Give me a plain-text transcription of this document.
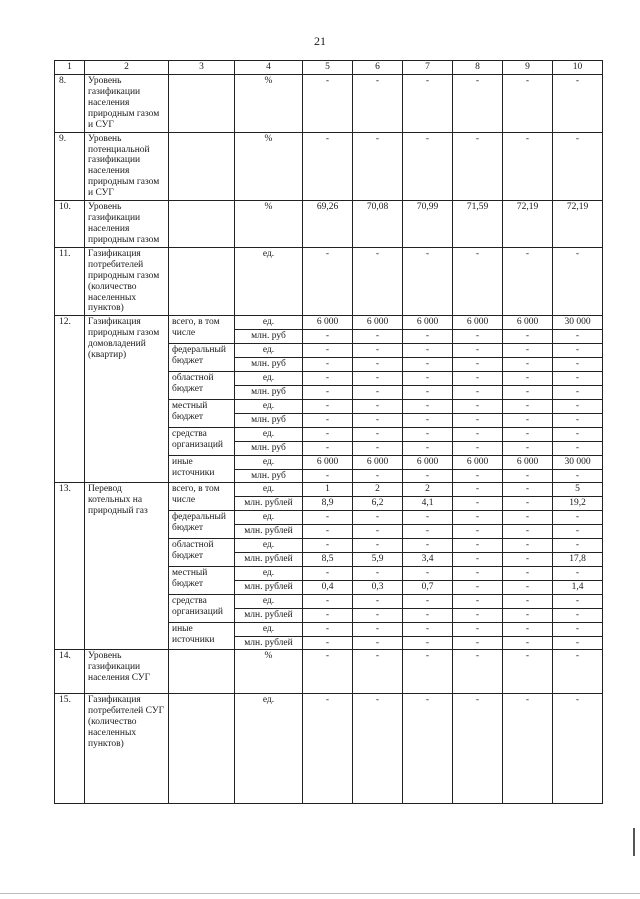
21
1	2	3	4	5	6	7	8	9	10
8.	Уровень газификации населения природным газом и СУГ		%	-	-	-	-	-	-
9.	Уровень потенциальной газификации населения природным газом и СУГ		%	-	-	-	-	-	-
10.	Уровень газификации населения природным газом		%	69,26	70,08	70,99	71,59	72,19	72,19
11.	Газификация потребителей природным газом (количество населенных пунктов)		ед.	-	-	-	-	-	-
12.	Газификация природным газом домовладений (квартир)	всего, в том числе	ед.	6 000	6 000	6 000	6 000	6 000	30 000
			млн. руб	-	-	-	-	-	-
		федеральный бюджет	ед.	-	-	-	-	-	-
			млн. руб	-	-	-	-	-	-
		областной бюджет	ед.	-	-	-	-	-	-
			млн. руб	-	-	-	-	-	-
		местный бюджет	ед.	-	-	-	-	-	-
			млн. руб	-	-	-	-	-	-
		средства организаций	ед.	-	-	-	-	-	-
			млн. руб	-	-	-	-	-	-
		иные источники	ед.	6 000	6 000	6 000	6 000	6 000	30 000
			млн. руб	-	-	-	-	-	-
13.	Перевод котельных на природный газ	всего, в том числе	ед.	1	2	2	-	-	5
			млн. рублей	8,9	6,2	4,1	-	-	19,2
		федеральный бюджет	ед.	-	-	-	-	-	-
			млн. рублей	-	-	-	-	-	-
		областной бюджет	ед.	-	-	-	-	-	-
			млн. рублей	8,5	5,9	3,4	-	-	17,8
		местный бюджет	ед.	-	-	-	-	-	-
			млн. рублей	0,4	0,3	0,7	-	-	1,4
		средства организаций	ед.	-	-	-	-	-	-
			млн. рублей	-	-	-	-	-	-
		иные источники	ед.	-	-	-	-	-	-
			млн. рублей	-	-	-	-	-	-
14.	Уровень газификации населения СУГ		%	-	-	-	-	-	-
15.	Газификация потребителей СУГ (количество населенных пунктов)		ед.	-	-	-	-	-	-
